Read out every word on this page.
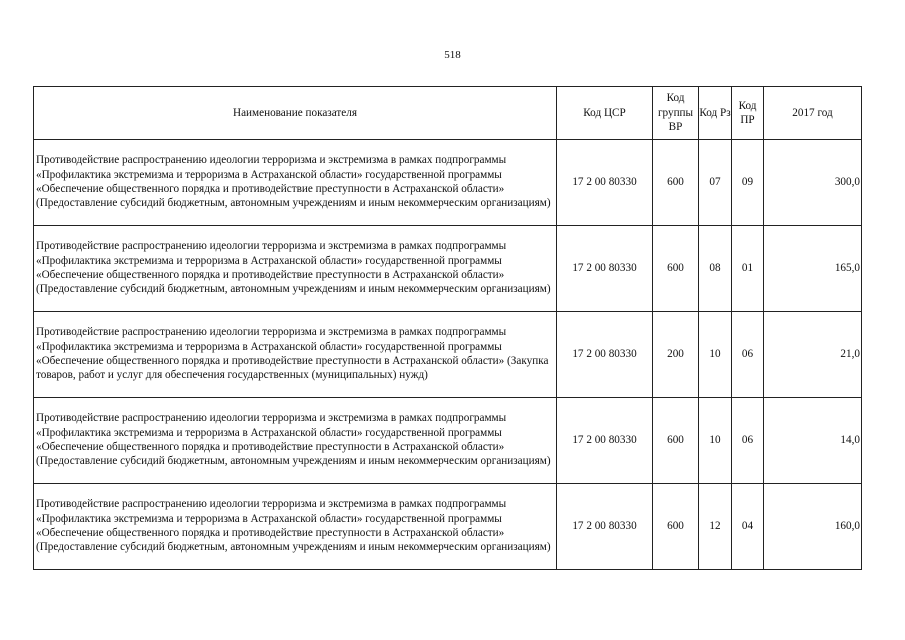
518
Наименование показателя	Код ЦСР	Код группы ВР	Код Рз	Код ПР	2017 год
Противодействие распространению идеологии терроризма и экстремизма в рамках подпрограммы «Профилактика экстремизма и терроризма в Астраханской области» государственной программы «Обеспечение общественного порядка и противодействие преступности в Астраханской области» (Предоставление субсидий бюджетным, автономным учреждениям и иным некоммерческим организациям)	17 2 00 80330	600	07	09	300,0
Противодействие распространению идеологии терроризма и экстремизма в рамках подпрограммы «Профилактика экстремизма и терроризма в Астраханской области» государственной программы «Обеспечение общественного порядка и противодействие преступности в Астраханской области» (Предоставление субсидий бюджетным, автономным учреждениям и иным некоммерческим организациям)	17 2 00 80330	600	08	01	165,0
Противодействие распространению идеологии терроризма и экстремизма в рамках подпрограммы «Профилактика экстремизма и терроризма в Астраханской области» государственной программы «Обеспечение общественного порядка и противодействие преступности в Астраханской области» (Закупка товаров, работ и услуг для обеспечения государственных (муниципальных) нужд)	17 2 00 80330	200	10	06	21,0
Противодействие распространению идеологии терроризма и экстремизма в рамках подпрограммы «Профилактика экстремизма и терроризма в Астраханской области» государственной программы «Обеспечение общественного порядка и противодействие преступности в Астраханской области» (Предоставление субсидий бюджетным, автономным учреждениям и иным некоммерческим организациям)	17 2 00 80330	600	10	06	14,0
Противодействие распространению идеологии терроризма и экстремизма в рамках подпрограммы «Профилактика экстремизма и терроризма в Астраханской области» государственной программы «Обеспечение общественного порядка и противодействие преступности в Астраханской области» (Предоставление субсидий бюджетным, автономным учреждениям и иным некоммерческим организациям)	17 2 00 80330	600	12	04	160,0
